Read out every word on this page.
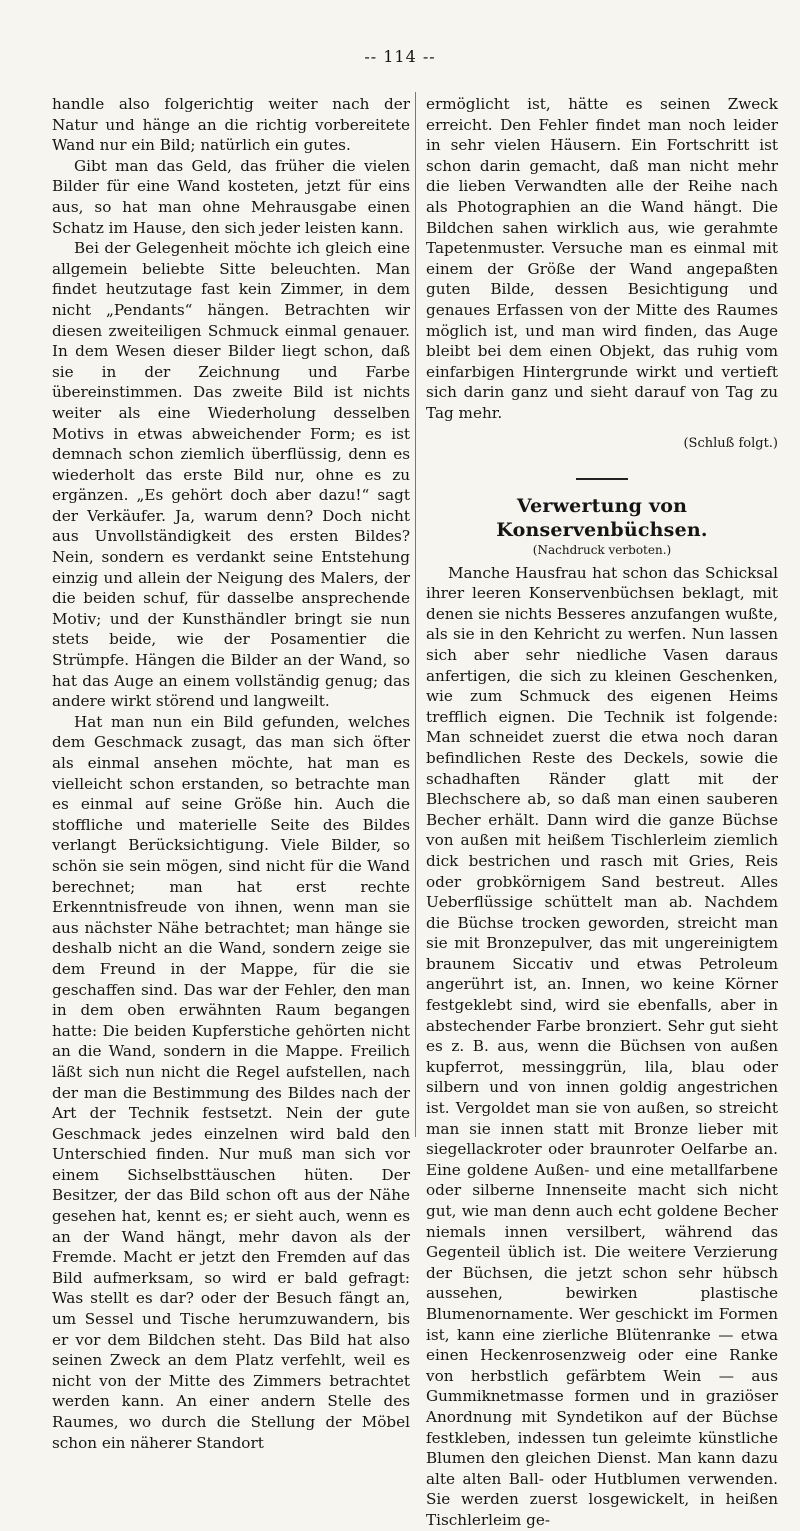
-- 114 --

handle also folgerichtig weiter nach der Natur und hänge an die richtig vorbereitete Wand nur ein Bild; natürlich ein gutes.

Gibt man das Geld, das früher die vielen Bilder für eine Wand kosteten, jetzt für eins aus, so hat man ohne Mehrausgabe einen Schatz im Hause, den sich jeder leisten kann.

Bei der Gelegenheit möchte ich gleich eine allgemein beliebte Sitte beleuchten. Man findet heutzutage fast kein Zimmer, in dem nicht „Pendants“ hängen. Betrachten wir diesen zweiteiligen Schmuck einmal genauer. In dem Wesen dieser Bilder liegt schon, daß sie in der Zeichnung und Farbe übereinstimmen. Das zweite Bild ist nichts weiter als eine Wiederholung desselben Motivs in etwas abweichender Form; es ist demnach schon ziemlich überflüssig, denn es wiederholt das erste Bild nur, ohne es zu ergänzen. „Es gehört doch aber dazu!“ sagt der Verkäufer. Ja, warum denn? Doch nicht aus Unvollständigkeit des ersten Bildes? Nein, sondern es verdankt seine Entstehung einzig und allein der Neigung des Malers, der die beiden schuf, für dasselbe ansprechende Motiv; und der Kunsthändler bringt sie nun stets beide, wie der Posamentier die Strümpfe. Hängen die Bilder an der Wand, so hat das Auge an einem vollständig genug; das andere wirkt störend und langweilt.

Hat man nun ein Bild gefunden, welches dem Geschmack zusagt, das man sich öfter als einmal ansehen möchte, hat man es vielleicht schon erstanden, so betrachte man es einmal auf seine Größe hin. Auch die stoffliche und materielle Seite des Bildes verlangt Berücksichtigung. Viele Bilder, so schön sie sein mögen, sind nicht für die Wand berechnet; man hat erst rechte Erkenntnisfreude von ihnen, wenn man sie aus nächster Nähe betrachtet; man hänge sie deshalb nicht an die Wand, sondern zeige sie dem Freund in der Mappe, für die sie geschaffen sind. Das war der Fehler, den man in dem oben erwähnten Raum begangen hatte: Die beiden Kupferstiche gehörten nicht an die Wand, sondern in die Mappe. Freilich läßt sich nun nicht die Regel aufstellen, nach der man die Bestimmung des Bildes nach der Art der Technik festsetzt. Nein der gute Geschmack jedes einzelnen wird bald den Unterschied finden. Nur muß man sich vor einem Sichselbsttäuschen hüten. Der Besitzer, der das Bild schon oft aus der Nähe gesehen hat, kennt es; er sieht auch, wenn es an der Wand hängt, mehr davon als der Fremde. Macht er jetzt den Fremden auf das Bild aufmerksam, so wird er bald gefragt: Was stellt es dar? oder der Besuch fängt an, um Sessel und Tische herumzuwandern, bis er vor dem Bildchen steht. Das Bild hat also seinen Zweck an dem Platz verfehlt, weil es nicht von der Mitte des Zimmers betrachtet werden kann. An einer andern Stelle des Raumes, wo durch die Stellung der Möbel schon ein näherer Standort

ermöglicht ist, hätte es seinen Zweck erreicht. Den Fehler findet man noch leider in sehr vielen Häusern. Ein Fortschritt ist schon darin gemacht, daß man nicht mehr die lieben Verwandten alle der Reihe nach als Photographien an die Wand hängt. Die Bildchen sahen wirklich aus, wie gerahmte Tapetenmuster. Versuche man es einmal mit einem der Größe der Wand angepaßten guten Bilde, dessen Besichtigung und genaues Erfassen von der Mitte des Raumes möglich ist, und man wird finden, das Auge bleibt bei dem einen Objekt, das ruhig vom einfarbigen Hintergrunde wirkt und vertieft sich darin ganz und sieht darauf von Tag zu Tag mehr.

(Schluß folgt.)
Verwertung von Konservenbüchsen.
(Nachdruck verboten.)

Manche Hausfrau hat schon das Schicksal ihrer leeren Konservenbüchsen beklagt, mit denen sie nichts Besseres anzufangen wußte, als sie in den Kehricht zu werfen. Nun lassen sich aber sehr niedliche Vasen daraus anfertigen, die sich zu kleinen Geschenken, wie zum Schmuck des eigenen Heims trefflich eignen. Die Technik ist folgende: Man schneidet zuerst die etwa noch daran befindlichen Reste des Deckels, sowie die schadhaften Ränder glatt mit der Blechschere ab, so daß man einen sauberen Becher erhält. Dann wird die ganze Büchse von außen mit heißem Tischlerleim ziemlich dick bestrichen und rasch mit Gries, Reis oder grobkörnigem Sand bestreut. Alles Ueberflüssige schüttelt man ab. Nachdem die Büchse trocken geworden, streicht man sie mit Bronzepulver, das mit ungereinigtem braunem Siccativ und etwas Petroleum angerührt ist, an. Innen, wo keine Körner festgeklebt sind, wird sie ebenfalls, aber in abstechender Farbe bronziert. Sehr gut sieht es z. B. aus, wenn die Büchsen von außen kupferrot, messinggrün, lila, blau oder silbern und von innen goldig angestrichen ist. Vergoldet man sie von außen, so streicht man sie innen statt mit Bronze lieber mit siegellackroter oder braunroter Oelfarbe an. Eine goldene Außen- und eine metallfarbene oder silberne Innenseite macht sich nicht gut, wie man denn auch echt goldene Becher niemals innen versilbert, während das Gegenteil üblich ist. Die weitere Verzierung der Büchsen, die jetzt schon sehr hübsch aussehen, bewirken plastische Blumenornamente. Wer geschickt im Formen ist, kann eine zierliche Blütenranke — etwa einen Heckenrosenzweig oder eine Ranke von herbstlich gefärbtem Wein — aus Gummiknetmasse formen und in graziöser Anordnung mit Syndetikon auf der Büchse festkleben, indessen tun geleimte künstliche Blumen den gleichen Dienst. Man kann dazu alte alten Ball- oder Hutblumen verwenden. Sie werden zuerst losgewickelt, in heißen Tischlerleim ge-
